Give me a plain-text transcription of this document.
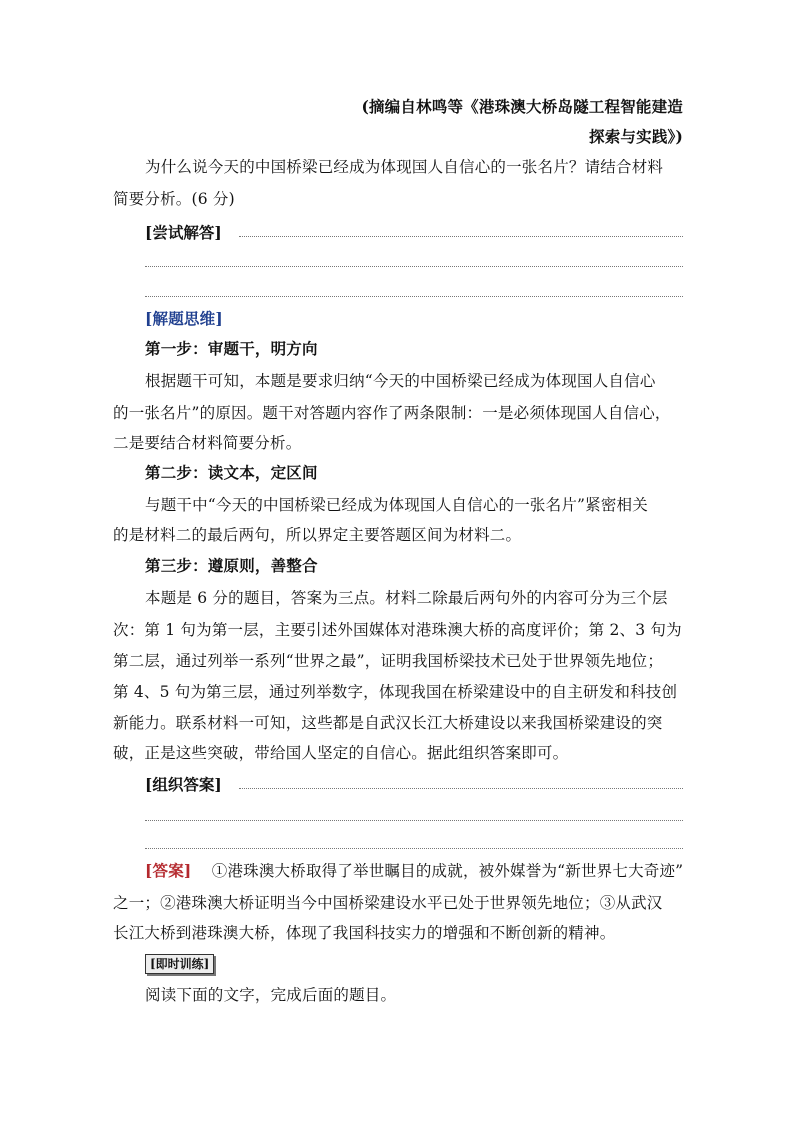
(摘编自林鸣等《港珠澳大桥岛隧工程智能建造
探索与实践》)
为什么说今天的中国桥梁已经成为体现国人自信心的一张名片？请结合材料
简要分析。(6 分)
[尝试解答]
[解题思维]
第一步：审题干，明方向
根据题干可知，本题是要求归纳“今天的中国桥梁已经成为体现国人自信心
的一张名片”的原因。题干对答题内容作了两条限制：一是必须体现国人自信心，
二是要结合材料简要分析。
第二步：读文本，定区间
与题干中“今天的中国桥梁已经成为体现国人自信心的一张名片”紧密相关
的是材料二的最后两句，所以界定主要答题区间为材料二。
第三步：遵原则，善整合
本题是 6 分的题目，答案为三点。材料二除最后两句外的内容可分为三个层
次：第 1 句为第一层，主要引述外国媒体对港珠澳大桥的高度评价；第 2、3 句为
第二层，通过列举一系列“世界之最”，证明我国桥梁技术已处于世界领先地位；
第 4、5 句为第三层，通过列举数字，体现我国在桥梁建设中的自主研发和科技创
新能力。联系材料一可知，这些都是自武汉长江大桥建设以来我国桥梁建设的突
破，正是这些突破，带给国人坚定的自信心。据此组织答案即可。
[组织答案]
[答案] ①港珠澳大桥取得了举世瞩目的成就，被外媒誉为“新世界七大奇迹”
之一；②港珠澳大桥证明当今中国桥梁建设水平已处于世界领先地位；③从武汉
长江大桥到港珠澳大桥，体现了我国科技实力的增强和不断创新的精神。
[即时训练]
阅读下面的文字，完成后面的题目。
